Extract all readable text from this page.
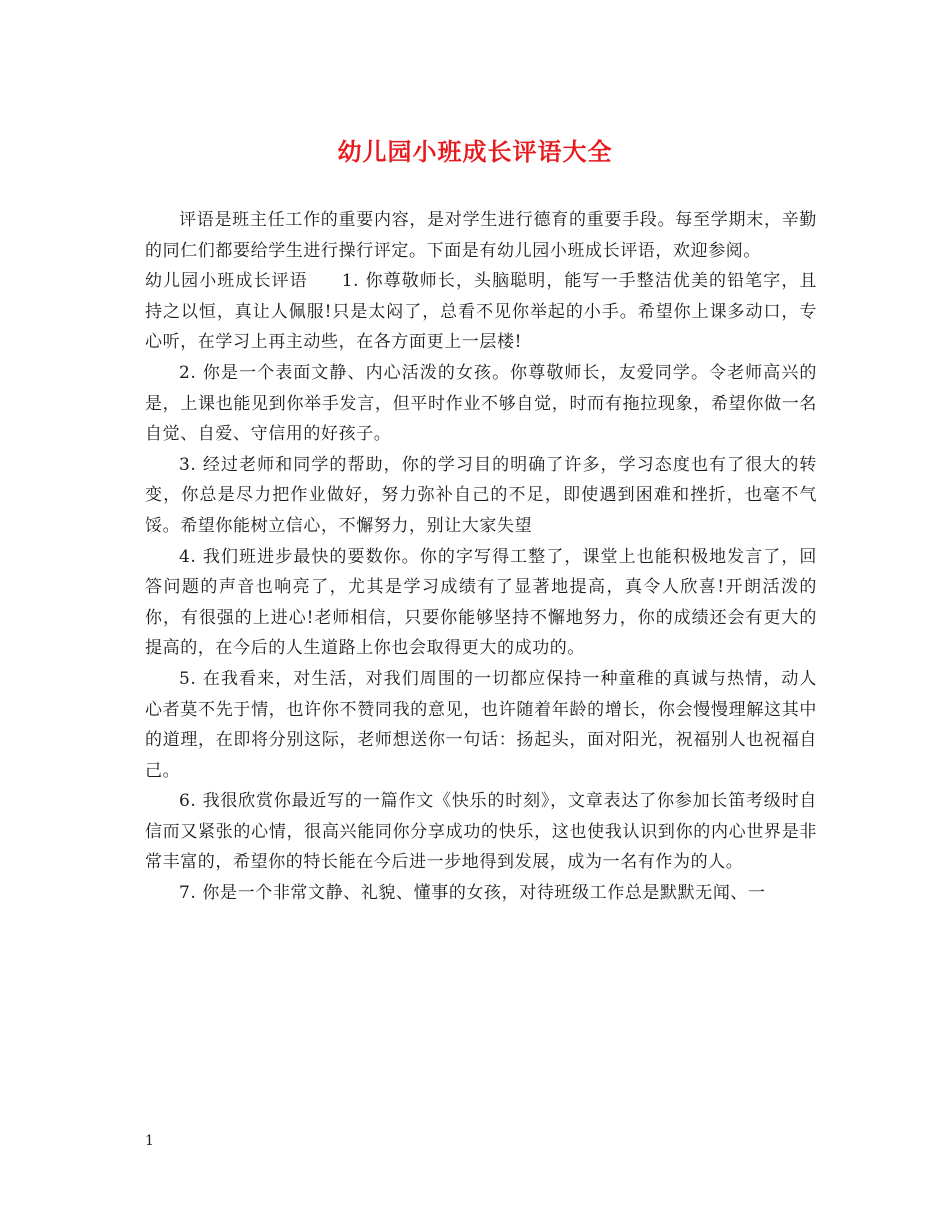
幼儿园小班成长评语大全

评语是班主任工作的重要内容，是对学生进行德育的重要手段。每至学期末，辛勤的同仁们都要给学生进行操行评定。下面是有幼儿园小班成长评语，欢迎参阅。

幼儿园小班成长评语 1. 你尊敬师长，头脑聪明，能写一手整洁优美的铅笔字，且持之以恒，真让人佩服!只是太闷了，总看不见你举起的小手。希望你上课多动口，专心听，在学习上再主动些，在各方面更上一层楼!

2. 你是一个表面文静、内心活泼的女孩。你尊敬师长，友爱同学。令老师高兴的是，上课也能见到你举手发言，但平时作业不够自觉，时而有拖拉现象，希望你做一名自觉、自爱、守信用的好孩子。

3. 经过老师和同学的帮助，你的学习目的明确了许多，学习态度也有了很大的转变，你总是尽力把作业做好，努力弥补自己的不足，即使遇到困难和挫折，也毫不气馁。希望你能树立信心，不懈努力，别让大家失望

4. 我们班进步最快的要数你。你的字写得工整了，课堂上也能积极地发言了，回答问题的声音也响亮了，尤其是学习成绩有了显著地提高，真令人欣喜!开朗活泼的你，有很强的上进心!老师相信，只要你能够坚持不懈地努力，你的成绩还会有更大的提高的，在今后的人生道路上你也会取得更大的成功的。

5. 在我看来，对生活，对我们周围的一切都应保持一种童稚的真诚与热情，动人心者莫不先于情，也许你不赞同我的意见，也许随着年龄的增长，你会慢慢理解这其中的道理，在即将分别这际，老师想送你一句话：扬起头，面对阳光，祝福别人也祝福自己。

6. 我很欣赏你最近写的一篇作文《快乐的时刻》，文章表达了你参加长笛考级时自信而又紧张的心情，很高兴能同你分享成功的快乐，这也使我认识到你的内心世界是非常丰富的，希望你的特长能在今后进一步地得到发展，成为一名有作为的人。

7. 你是一个非常文静、礼貌、懂事的女孩，对待班级工作总是默默无闻、一

1
